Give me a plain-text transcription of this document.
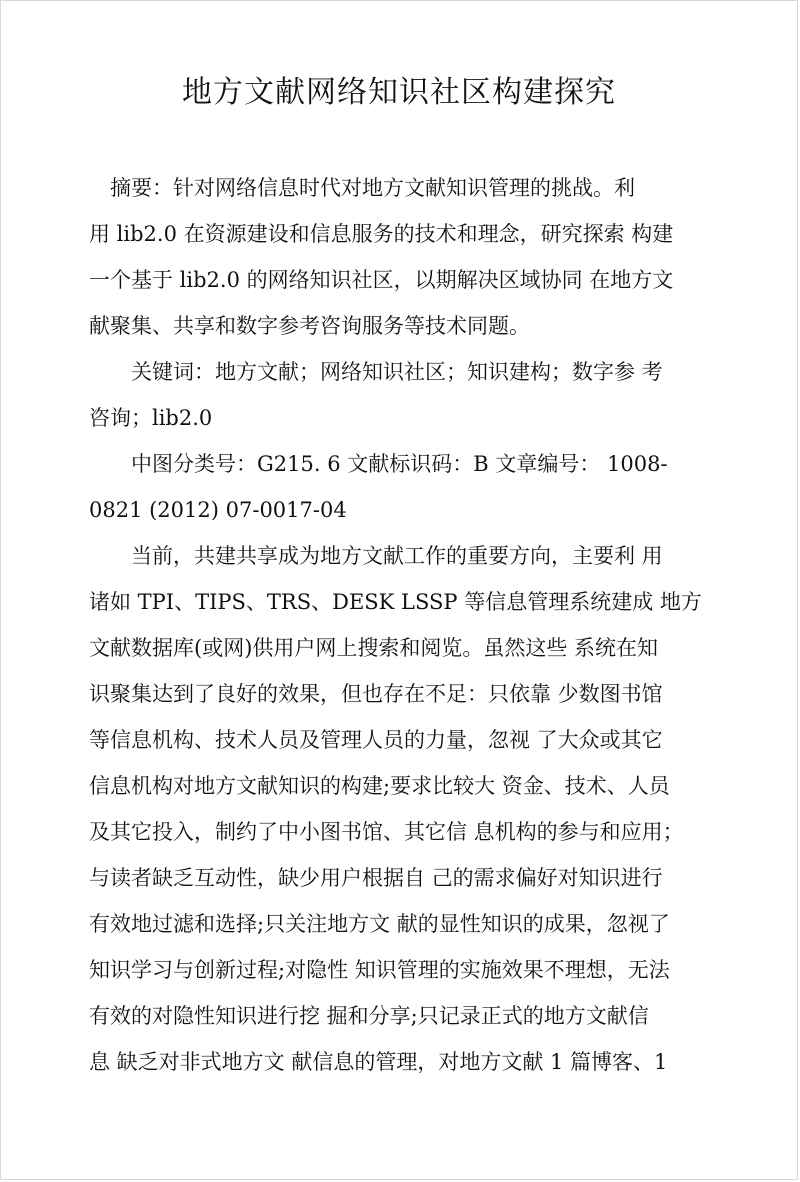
地方文献网络知识社区构建探究
　摘要：针对网络信息时代对地方文献知识管理的挑战。利
用 lib2.0 在资源建设和信息服务的技术和理念，研究探索 构建
一个基于 lib2.0 的网络知识社区，以期解决区域协同 在地方文
献聚集、共享和数字参考咨询服务等技术同题。
　　关键词：地方文献；网络知识社区；知识建构；数字参 考
咨询；lib2.0
　　中图分类号：G215. 6 文献标识码：B 文章编号： 1008-
0821 (2012) 07-0017-04
　　当前，共建共享成为地方文献工作的重要方向，主要利 用
诸如 TPI、TIPS、TRS、DESK LSSP 等信息管理系统建成 地方
文献数据库(或网)供用户网上搜索和阅览。虽然这些 系统在知
识聚集达到了良好的效果，但也存在不足：只依靠 少数图书馆
等信息机构、技术人员及管理人员的力量，忽视 了大众或其它
信息机构对地方文献知识的构建;要求比较大 资金、技术、人员
及其它投入，制约了中小图书馆、其它信 息机构的参与和应用；
与读者缺乏互动性，缺少用户根据自 己的需求偏好对知识进行
有效地过滤和选择;只关注地方文 献的显性知识的成果，忽视了
知识学习与创新过程;对隐性 知识管理的实施效果不理想，无法
有效的对隐性知识进行挖 掘和分享;只记录正式的地方文献信
息 缺乏对非式地方文 献信息的管理，对地方文献 1 篇博客、1
